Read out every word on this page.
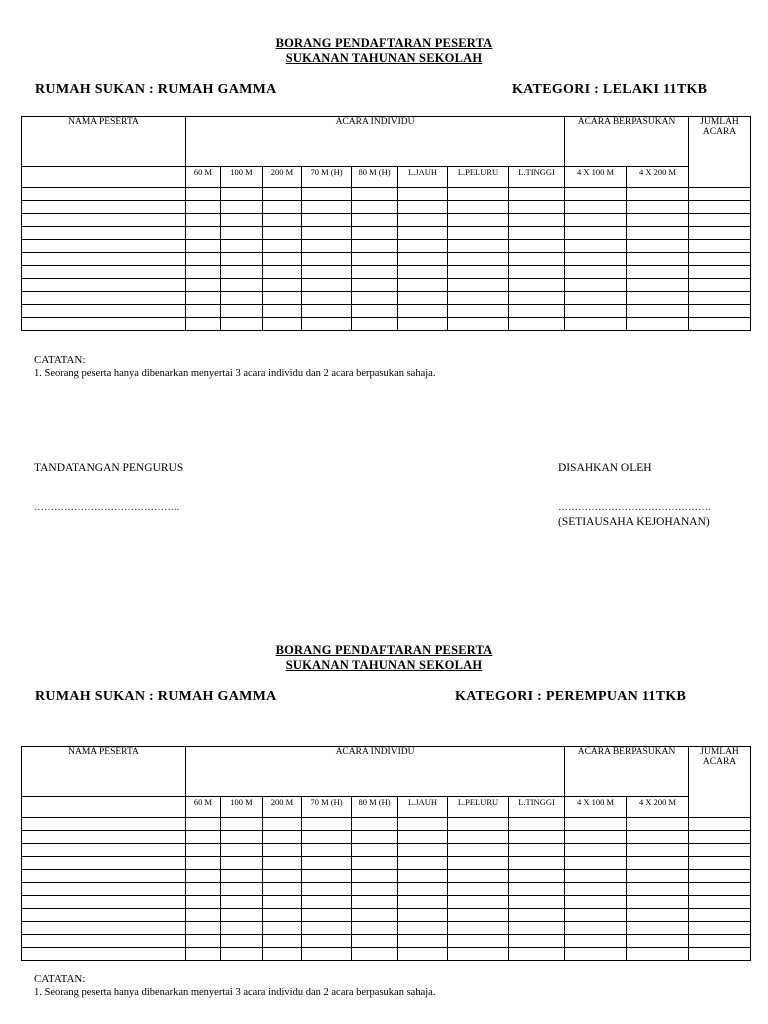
BORANG PENDAFTARAN PESERTA
SUKANAN TAHUNAN SEKOLAH
RUMAH SUKAN : RUMAH GAMMA	KATEGORI : LELAKI 11TKB
NAMA PESERTA	ACARA INDIVIDU								ACARA BERPASUKAN		JUMLAH ACARA
	60 M	100 M	200 M	70 M (H)	80 M (H)	L.JAUH	L.PELURU	L.TINGGI	4 X 100 M	4 X 200 M	

CATATAN:
1. Seorang peserta hanya dibenarkan menyertai 3 acara individu dan 2 acara berpasukan sahaja.
TANDATANGAN PENGURUS	DISAHKAN OLEH
……………………………………..	……………………………………….
(SETIAUSAHA KEJOHANAN)
BORANG PENDAFTARAN PESERTA
SUKANAN TAHUNAN SEKOLAH
RUMAH SUKAN : RUMAH GAMMA	KATEGORI : PEREMPUAN 11TKB
NAMA PESERTA	ACARA INDIVIDU								ACARA BERPASUKAN		JUMLAH ACARA
	60 M	100 M	200 M	70 M (H)	80 M (H)	L.JAUH	L.PELURU	L.TINGGI	4 X 100 M	4 X 200 M	

CATATAN:
1. Seorang peserta hanya dibenarkan menyertai 3 acara individu dan 2 acara berpasukan sahaja.
